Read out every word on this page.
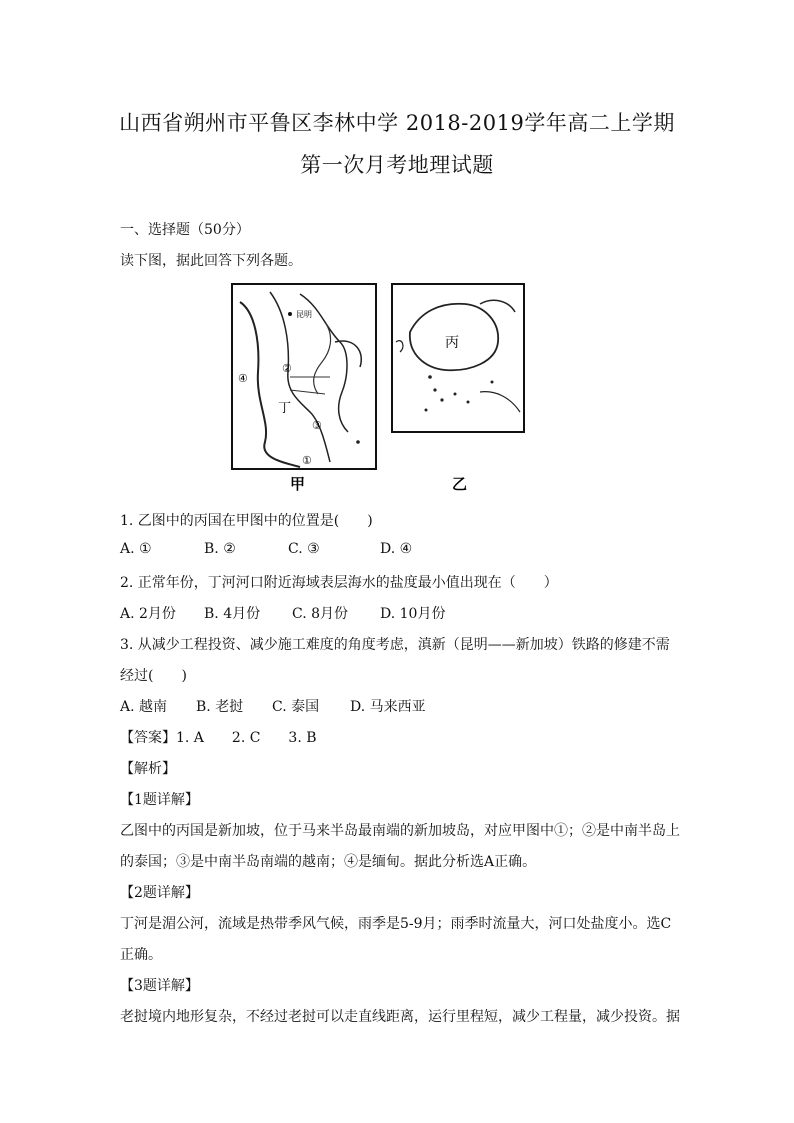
山西省朔州市平鲁区李林中学 2018-2019学年高二上学期
第一次月考地理试题
一、选择题（50分）
读下图，据此回答下列各题。
昆明
②
④
丁
③
①
丙
甲	乙
1. 乙图中的丙国在甲图中的位置是(　　)
A. ①	B. ②	C. ③	D. ④
2. 正常年份，丁河河口附近海域表层海水的盐度最小值出现在（　　）
A. 2月份	B. 4月份	C. 8月份	D. 10月份
3. 从减少工程投资、减少施工难度的角度考虑，滇新（昆明——新加坡）铁路的修建不需
经过(　　)
A. 越南	B. 老挝	C. 泰国	D. 马来西亚
【答案】1. A　　2. C　　3. B
【解析】
【1题详解】
乙图中的丙国是新加坡，位于马来半岛最南端的新加坡岛，对应甲图中①；②是中南半岛上
的泰国；③是中南半岛南端的越南；④是缅甸。据此分析选A正确。
【2题详解】
丁河是湄公河，流域是热带季风气候，雨季是5-9月；雨季时流量大，河口处盐度小。选C
正确。
【3题详解】
老挝境内地形复杂，不经过老挝可以走直线距离，运行里程短，减少工程量，减少投资。据
